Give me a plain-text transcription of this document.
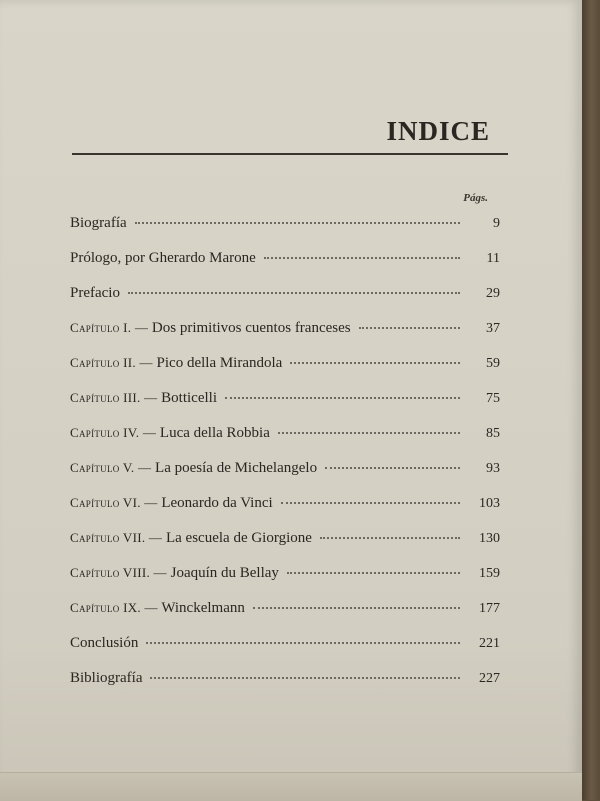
INDICE
Págs.
Biografía	9
Prólogo, por Gherardo Marone	11
Prefacio	29
Capítulo I. — Dos primitivos cuentos franceses	37
Capítulo II. — Pico della Mirandola	59
Capítulo III. — Botticelli	75
Capítulo IV. — Luca della Robbia	85
Capítulo V. — La poesía de Michelangelo	93
Capítulo VI. — Leonardo da Vinci	103
Capítulo VII. — La escuela de Giorgione	130
Capítulo VIII. — Joaquín du Bellay	159
Capítulo IX. — Winckelmann	177
Conclusión	221
Bibliografía	227
